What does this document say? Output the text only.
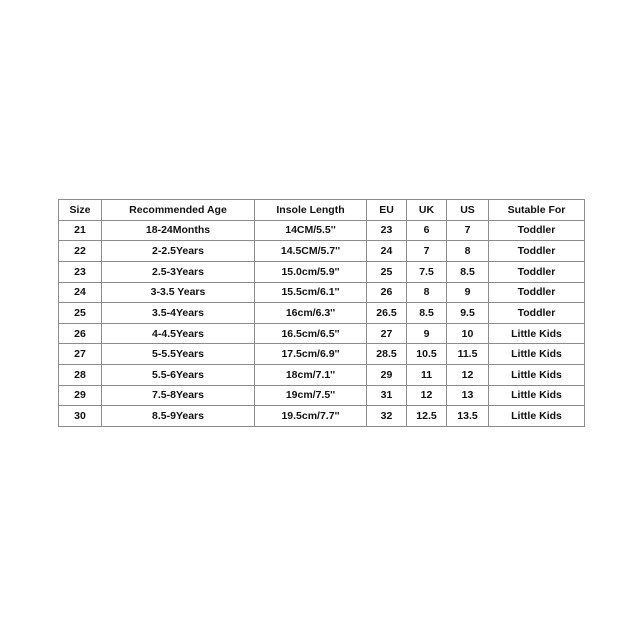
Size	Recommended Age	Insole Length	EU	UK	US	Sutable For
21	18-24Months	14CM/5.5''	23	6	7	Toddler
22	2-2.5Years	14.5CM/5.7''	24	7	8	Toddler
23	2.5-3Years	15.0cm/5.9''	25	7.5	8.5	Toddler
24	3-3.5 Years	15.5cm/6.1''	26	8	9	Toddler
25	3.5-4Years	16cm/6.3''	26.5	8.5	9.5	Toddler
26	4-4.5Years	16.5cm/6.5''	27	9	10	Little Kids
27	5-5.5Years	17.5cm/6.9''	28.5	10.5	11.5	Little Kids
28	5.5-6Years	18cm/7.1''	29	11	12	Little Kids
29	7.5-8Years	19cm/7.5''	31	12	13	Little Kids
30	8.5-9Years	19.5cm/7.7''	32	12.5	13.5	Little Kids
